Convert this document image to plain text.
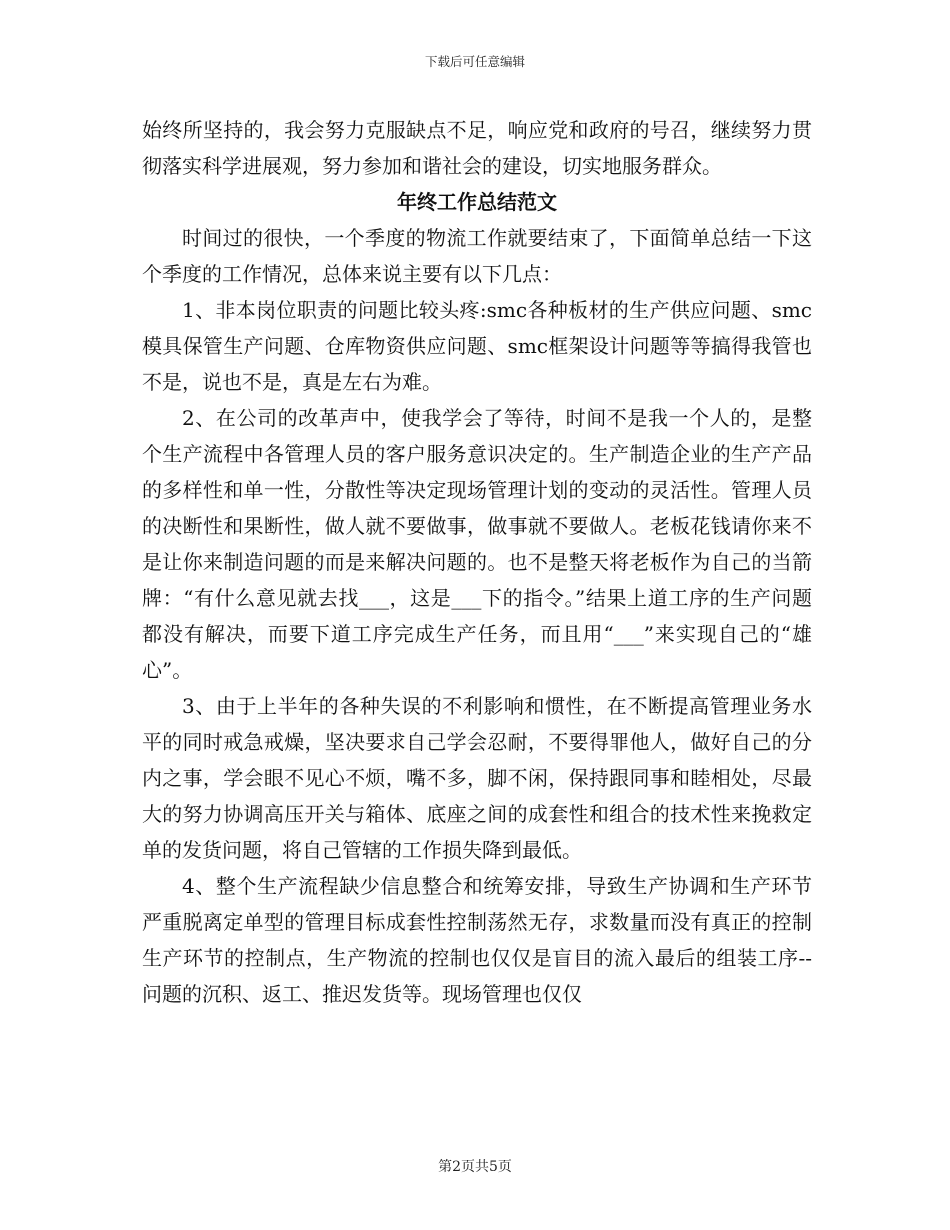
下载后可任意编辑

始终所坚持的，我会努力克服缺点不足，响应党和政府的号召，继续努力贯彻落实科学进展观，努力参加和谐社会的建设，切实地服务群众。

年终工作总结范文

时间过的很快，一个季度的物流工作就要结束了，下面简单总结一下这个季度的工作情况，总体来说主要有以下几点：

1、非本岗位职责的问题比较头疼:smc各种板材的生产供应问题、smc模具保管生产问题、仓库物资供应问题、smc框架设计问题等等搞得我管也不是，说也不是，真是左右为难。

2、在公司的改革声中，使我学会了等待，时间不是我一个人的，是整个生产流程中各管理人员的客户服务意识决定的。生产制造企业的生产产品的多样性和单一性，分散性等决定现场管理计划的变动的灵活性。管理人员的决断性和果断性，做人就不要做事，做事就不要做人。老板花钱请你来不是让你来制造问题的而是来解决问题的。也不是整天将老板作为自己的当箭牌：“有什么意见就去找___，这是___下的指令。”结果上道工序的生产问题都没有解决，而要下道工序完成生产任务，而且用“___”来实现自己的“雄心”。

3、由于上半年的各种失误的不利影响和惯性，在不断提高管理业务水平的同时戒急戒燥，坚决要求自己学会忍耐，不要得罪他人，做好自己的分内之事，学会眼不见心不烦，嘴不多，脚不闲，保持跟同事和睦相处，尽最大的努力协调高压开关与箱体、底座之间的成套性和组合的技术性来挽救定单的发货问题，将自己管辖的工作损失降到最低。

4、整个生产流程缺少信息整合和统筹安排，导致生产协调和生产环节严重脱离定单型的管理目标成套性控制荡然无存，求数量而没有真正的控制生产环节的控制点，生产物流的控制也仅仅是盲目的流入最后的组装工序--问题的沉积、返工、推迟发货等。现场管理也仅仅

第2页共5页
